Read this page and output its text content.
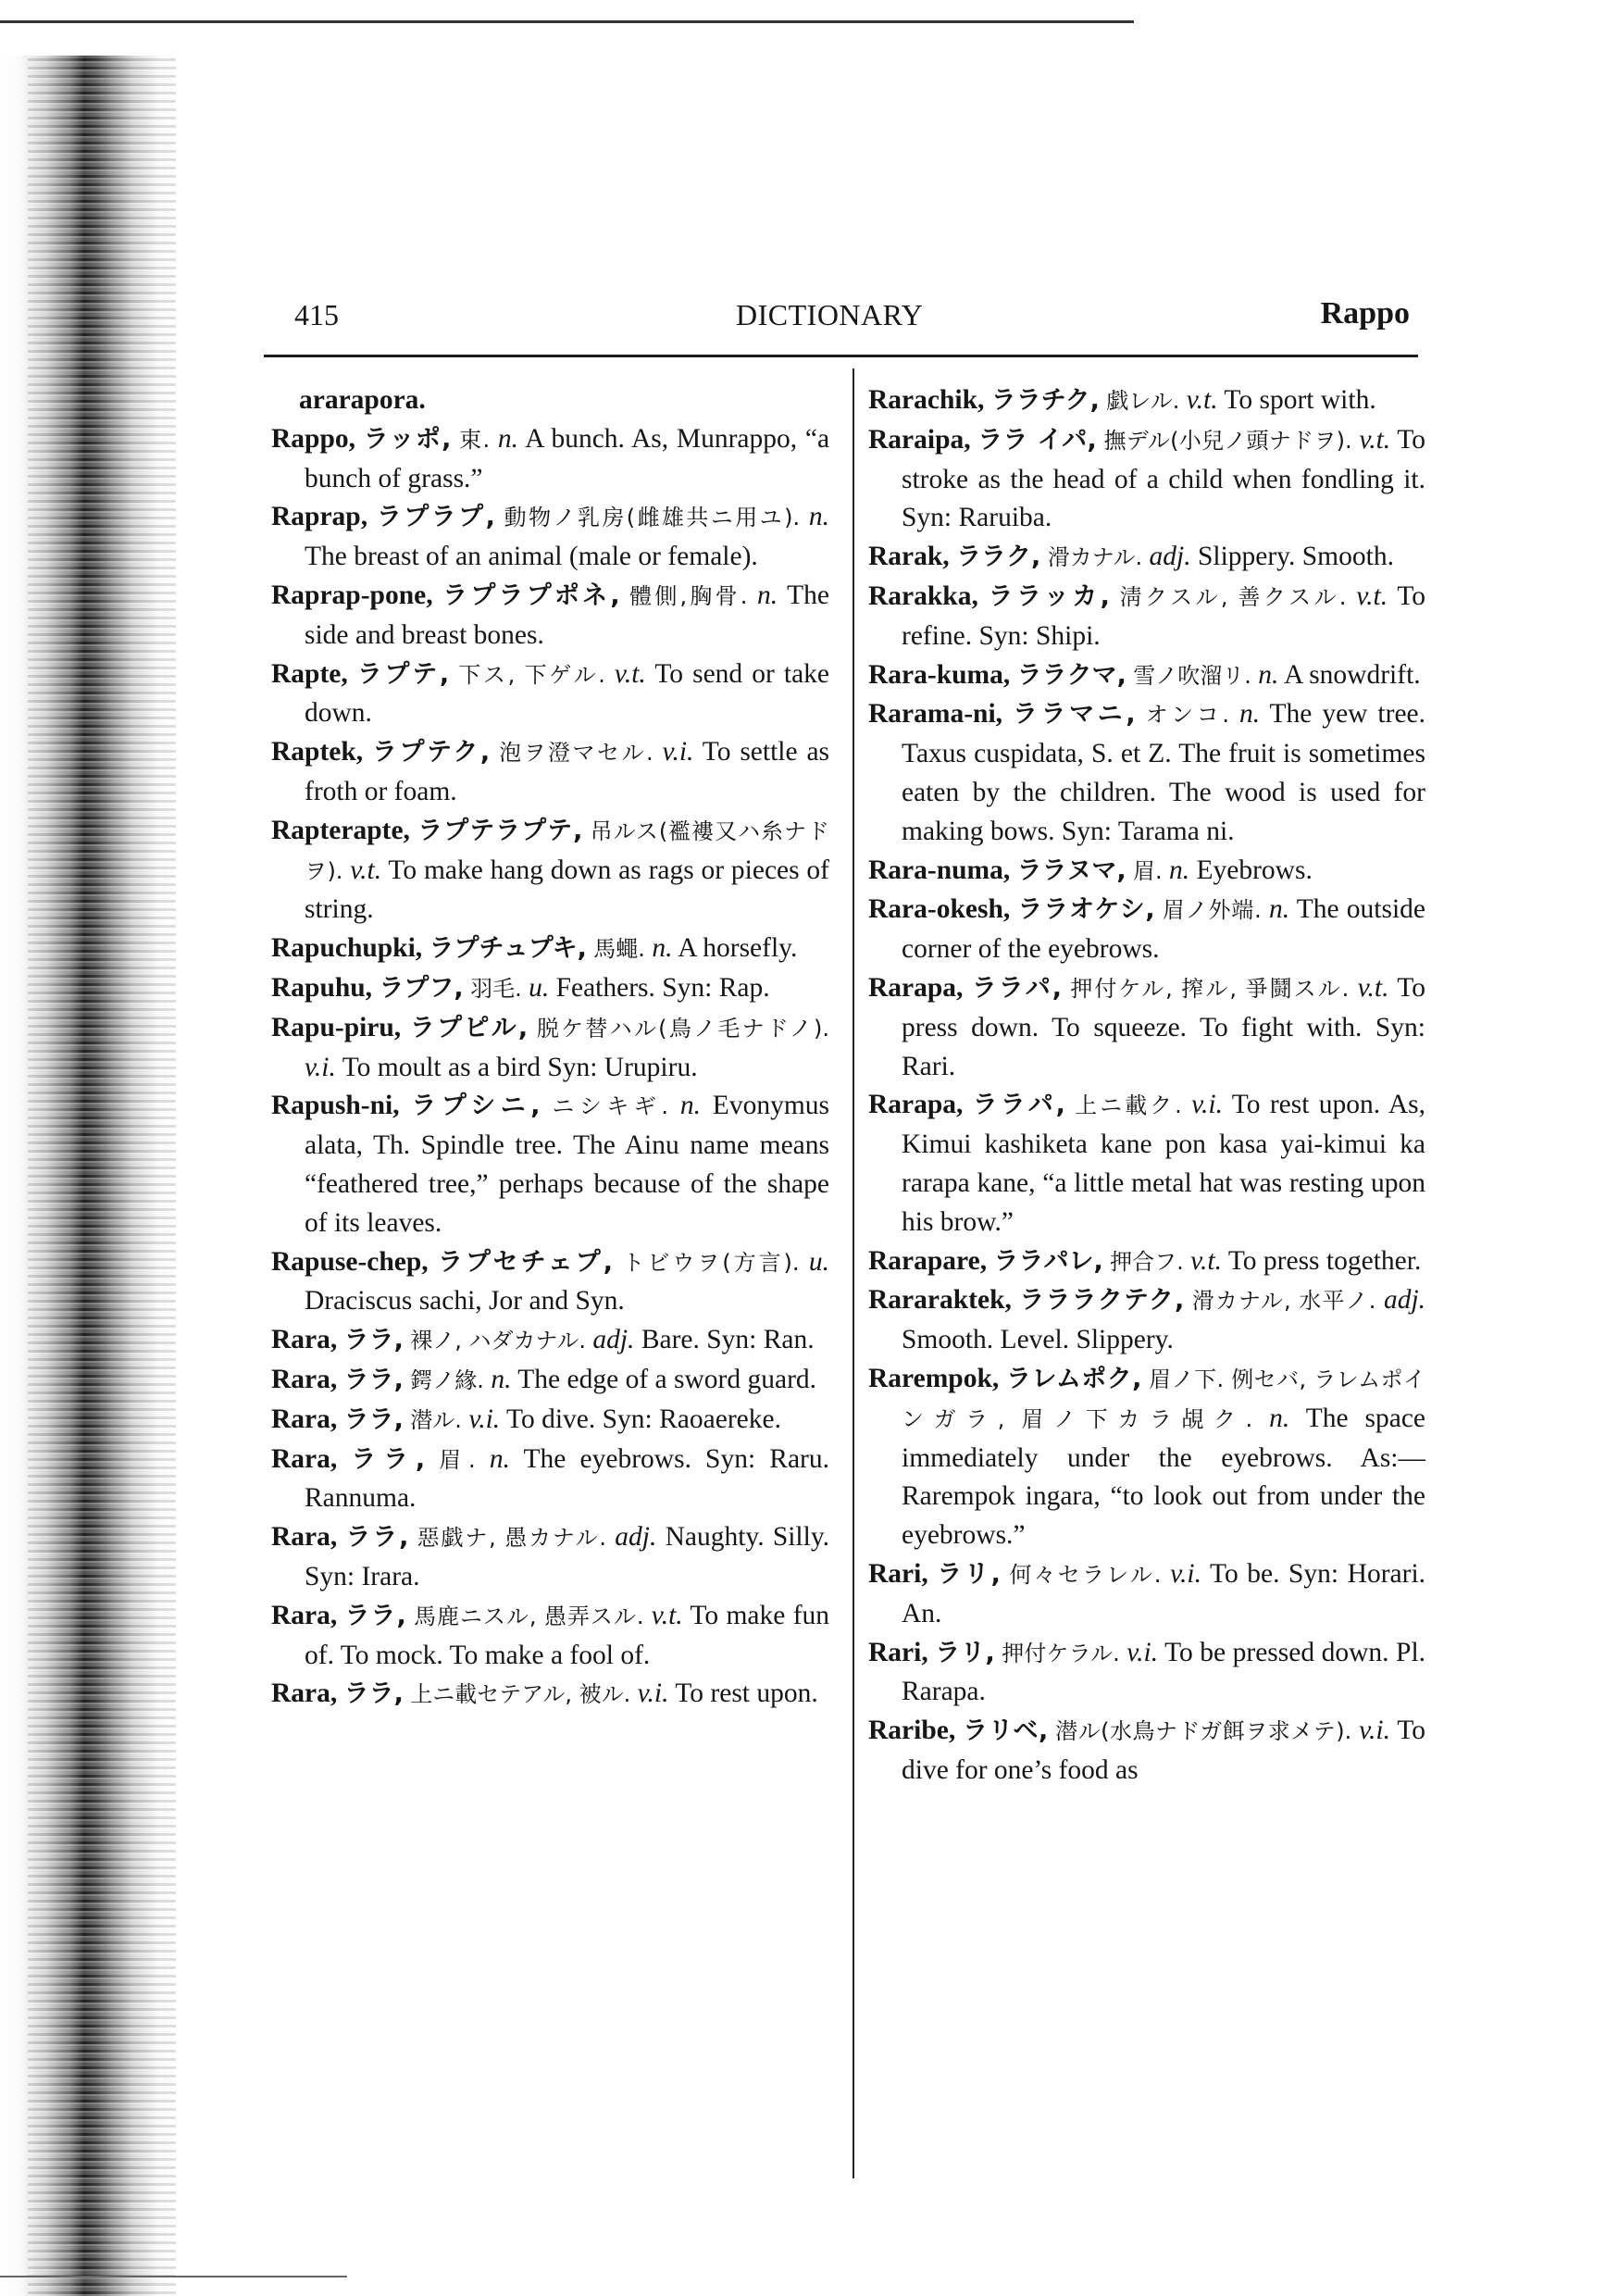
415	DICTIONARY	Rappo

ararapora.

Rappo, ラッポ, 束. n. A bunch. As, Munrappo, “a bunch of grass.”

Raprap, ラプラプ, 動物ノ乳房(雌雄共ニ用ユ). n. The breast of an animal (male or female).

Raprap-pone, ラプラプポネ, 體側,胸骨. n. The side and breast bones.

Rapte, ラプテ, 下ス, 下ゲル. v.t. To send or take down.

Raptek, ラプテク, 泡ヲ澄マセル. v.i. To settle as froth or foam.

Rapterapte, ラプテラプテ, 吊ルス(襤褸又ハ糸ナドヲ). v.t. To make hang down as rags or pieces of string.

Rapuchupki, ラプチュプキ, 馬蠅. n. A horsefly.

Rapuhu, ラプフ, 羽毛. u. Feathers. Syn: Rap.

Rapu-piru, ラプピル, 脱ケ替ハル(鳥ノ毛ナドノ). v.i. To moult as a bird Syn: Urupiru.

Rapush-ni, ラプシニ, ニシキギ. n. Evonymus alata, Th. Spindle tree. The Ainu name means “feathered tree,” perhaps because of the shape of its leaves.

Rapuse-chep, ラプセチェプ, トビウヲ(方言). u. Draciscus sachi, Jor and Syn.

Rara, ララ, 裸ノ, ハダカナル. adj. Bare. Syn: Ran.

Rara, ララ, 鍔ノ緣. n. The edge of a sword guard.

Rara, ララ, 潜ル. v.i. To dive. Syn: Raoaereke.

Rara, ララ, 眉. n. The eyebrows. Syn: Raru. Rannuma.

Rara, ララ, 惡戯ナ, 愚カナル. adj. Naughty. Silly. Syn: Irara.

Rara, ララ, 馬鹿ニスル, 愚弄スル. v.t. To make fun of. To mock. To make a fool of.

Rara, ララ, 上ニ載セテアル, 被ル. v.i. To rest upon.

Rarachik, ララチク, 戯レル. v.t. To sport with.

Raraipa, ララ イパ, 撫デル(小兒ノ頭ナドヲ). v.t. To stroke as the head of a child when fondling it. Syn: Raruiba.

Rarak, ララク, 滑カナル. adj. Slippery. Smooth.

Rarakka, ララッカ, 淸クスル, 善クスル. v.t. To refine. Syn: Shipi.

Rara-kuma, ララクマ, 雪ノ吹溜リ. n. A snowdrift.

Rarama-ni, ララマニ, オンコ. n. The yew tree. Taxus cuspidata, S. et Z. The fruit is sometimes eaten by the children. The wood is used for making bows. Syn: Tarama ni.

Rara-numa, ララヌマ, 眉. n. Eyebrows.

Rara-okesh, ララオケシ, 眉ノ外端. n. The outside corner of the eyebrows.

Rarapa, ララパ, 押付ケル, 搾ル, 爭鬪スル. v.t. To press down. To squeeze. To fight with. Syn: Rari.

Rarapa, ララパ, 上ニ載ク. v.i. To rest upon. As, Kimui kashiketa kane pon kasa yai-kimui ka rarapa kane, “a little metal hat was resting upon his brow.”

Rarapare, ララパレ, 押合フ. v.t. To press together.

Rararaktek, ラララクテク, 滑カナル, 水平ノ. adj. Smooth. Level. Slippery.

Rarempok, ラレムポク, 眉ノ下. 例セバ, ラレムポイ ンガラ, 眉ノ下カラ覘ク. n. The space immediately under the eyebrows. As:—Rarempok ingara, “to look out from under the eyebrows.”

Rari, ラリ, 何々セラレル. v.i. To be. Syn: Horari. An.

Rari, ラリ, 押付ケラル. v.i. To be pressed down. Pl. Rarapa.

Raribe, ラリベ, 潜ル(水鳥ナドガ餌ヲ求メテ). v.i. To dive for one’s food as
